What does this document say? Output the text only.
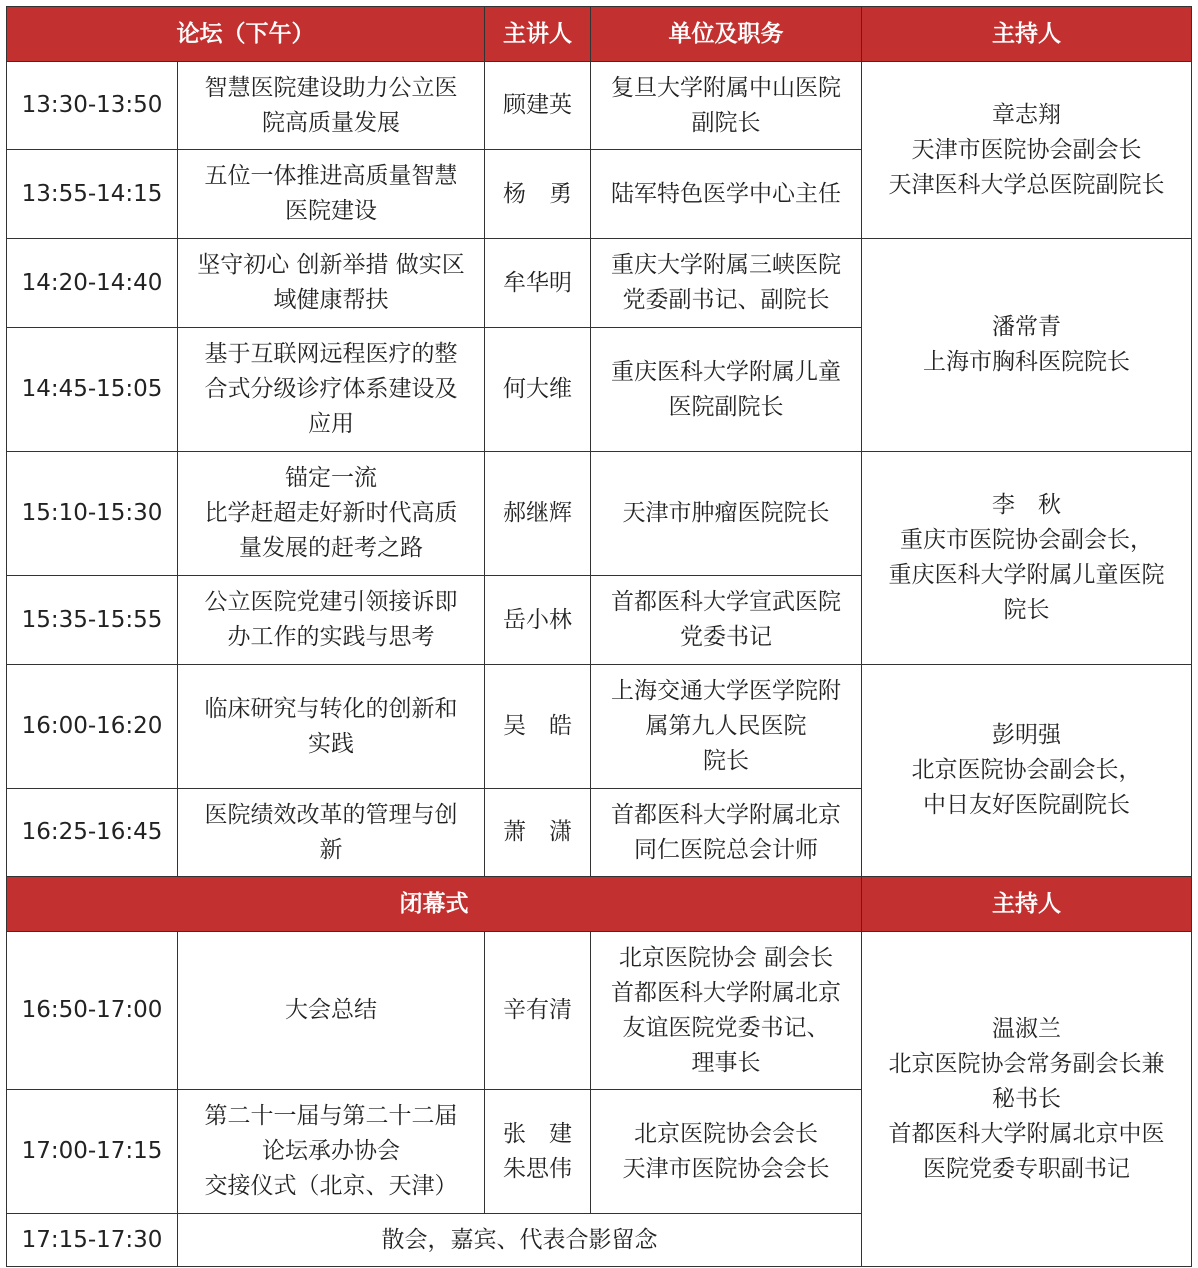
论坛（下午）		主讲人	单位及职务	主持人
13:30-13:50	智慧医院建设助力公立医
院高质量发展	顾建英	复旦大学附属中山医院
副院长	章志翔
天津市医院协会副会长
天津医科大学总医院副院长
13:55-14:15	五位一体推进高质量智慧
医院建设	杨　勇	陆军特色医学中心主任	
14:20-14:40	坚守初心 创新举措 做实区
域健康帮扶	牟华明	重庆大学附属三峡医院
党委副书记、副院长	潘常青
上海市胸科医院院长
14:45-15:05	基于互联网远程医疗的整
合式分级诊疗体系建设及
应用	何大维	重庆医科大学附属儿童
医院副院长	
15:10-15:30	锚定一流
比学赶超走好新时代高质
量发展的赶考之路	郝继辉	天津市肿瘤医院院长	李　秋
重庆市医院协会副会长，
重庆医科大学附属儿童医院
院长
15:35-15:55	公立医院党建引领接诉即
办工作的实践与思考	岳小林	首都医科大学宣武医院
党委书记	
16:00-16:20	临床研究与转化的创新和
实践	吴　皓	上海交通大学医学院附
属第九人民医院
院长	彭明强
北京医院协会副会长，
中日友好医院副院长
16:25-16:45	医院绩效改革的管理与创
新	萧　潇	首都医科大学附属北京
同仁医院总会计师	
闭幕式				主持人
16:50-17:00	大会总结	辛有清	北京医院协会 副会长
首都医科大学附属北京
友谊医院党委书记、
理事长	温淑兰
北京医院协会常务副会长兼
秘书长
首都医科大学附属北京中医
医院党委专职副书记
17:00-17:15	第二十一届与第二十二届
论坛承办协会
交接仪式（北京、天津）	张　建
朱思伟	北京医院协会会长
天津市医院协会会长	
17:15-17:30	散会，嘉宾、代表合影留念			
